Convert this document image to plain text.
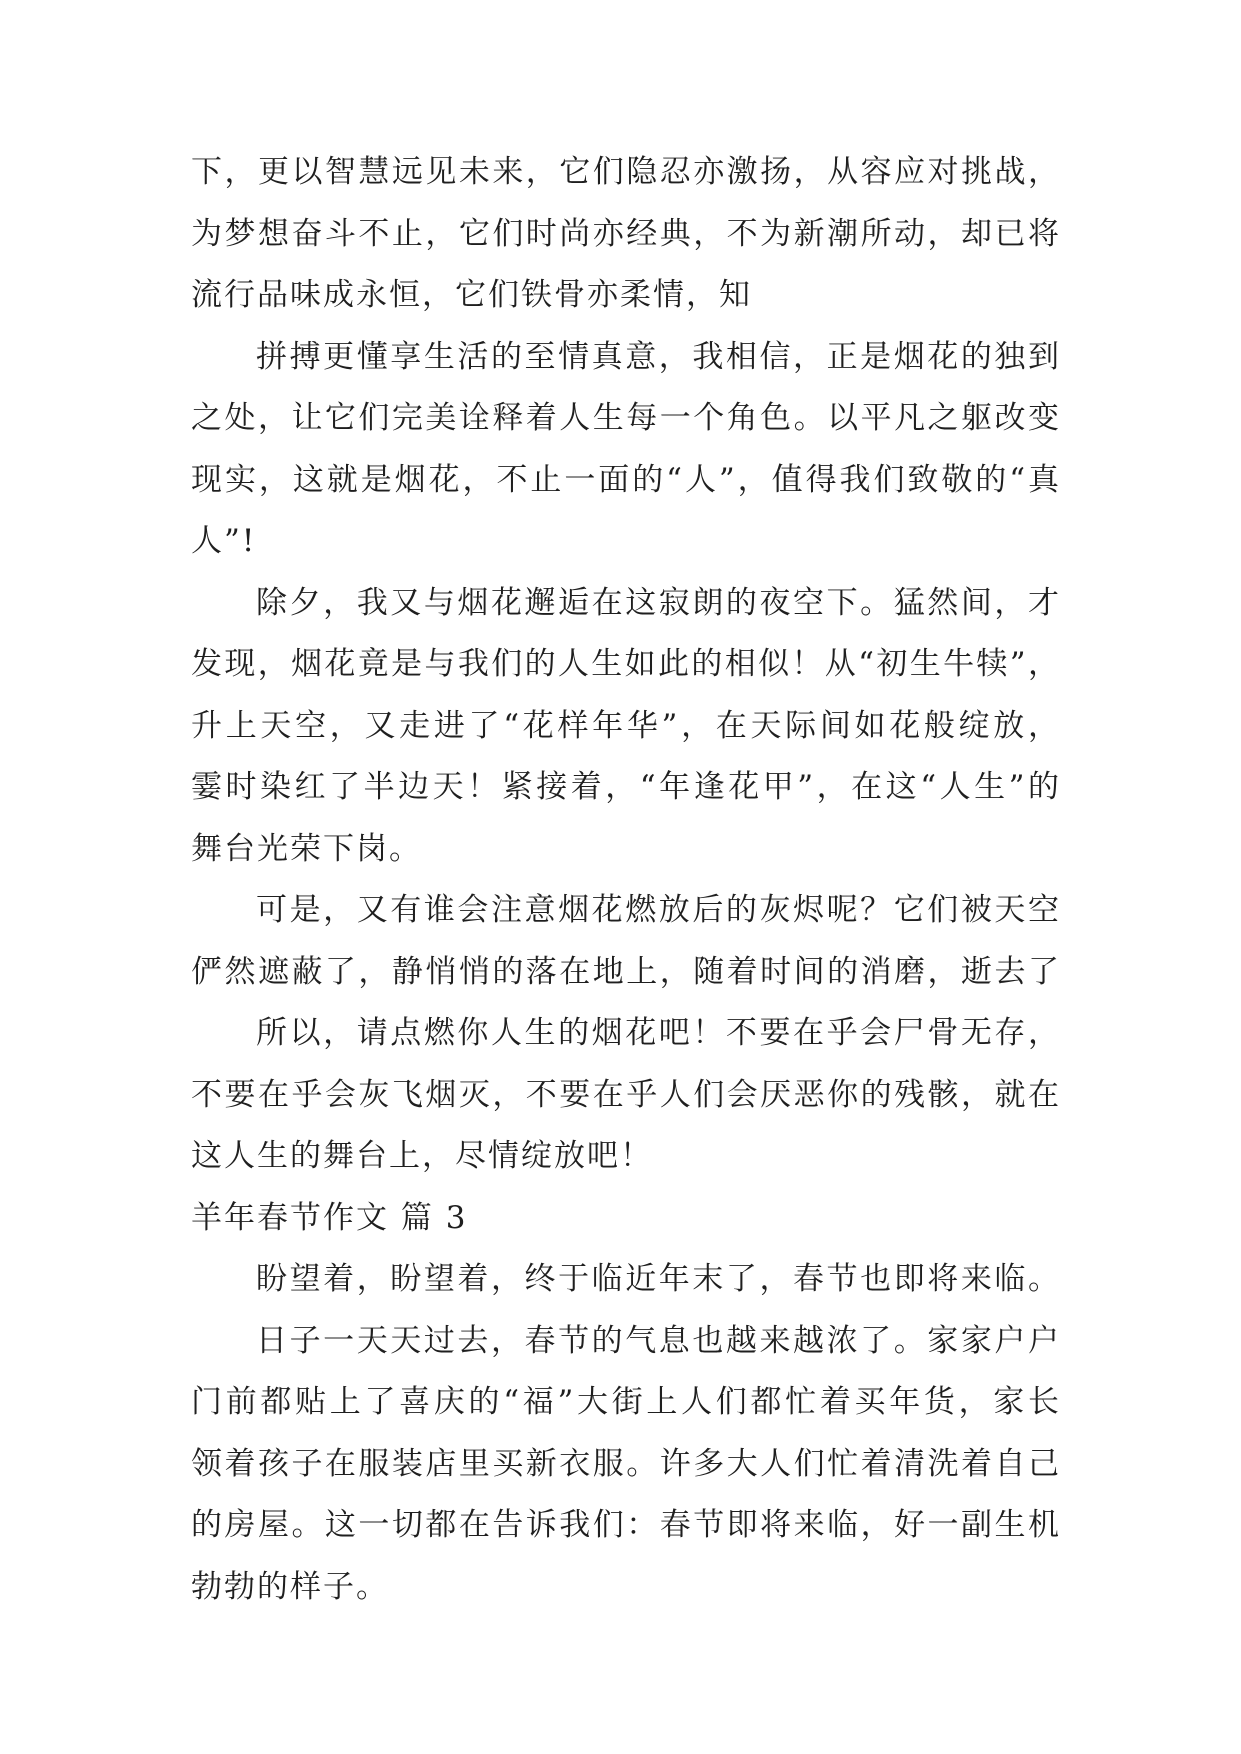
下，更以智慧远见未来，它们隐忍亦激扬，从容应对挑战，
为梦想奋斗不止，它们时尚亦经典，不为新潮所动，却已将
流行品味成永恒，它们铁骨亦柔情，知
拼搏更懂享生活的至情真意，我相信，正是烟花的独到
之处，让它们完美诠释着人生每一个角色。以平凡之躯改变
现实，这就是烟花，不止一面的“人”，值得我们致敬的“真
人”!
除夕，我又与烟花邂逅在这寂朗的夜空下。猛然间，才
发现，烟花竟是与我们的人生如此的相似！从“初生牛犊”，
升上天空，又走进了“花样年华”，在天际间如花般绽放，
霎时染红了半边天！紧接着，“年逢花甲”，在这“人生”的
舞台光荣下岗。
可是，又有谁会注意烟花燃放后的灰烬呢？它们被天空
俨然遮蔽了，静悄悄的落在地上，随着时间的消磨，逝去了
所以，请点燃你人生的烟花吧！不要在乎会尸骨无存，
不要在乎会灰飞烟灭，不要在乎人们会厌恶你的残骸，就在
这人生的舞台上，尽情绽放吧！
羊年春节作文 篇 3
盼望着，盼望着，终于临近年末了，春节也即将来临。
日子一天天过去，春节的气息也越来越浓了。家家户户
门前都贴上了喜庆的“福”大街上人们都忙着买年货，家长
领着孩子在服装店里买新衣服。许多大人们忙着清洗着自己
的房屋。这一切都在告诉我们：春节即将来临，好一副生机
勃勃的样子。
